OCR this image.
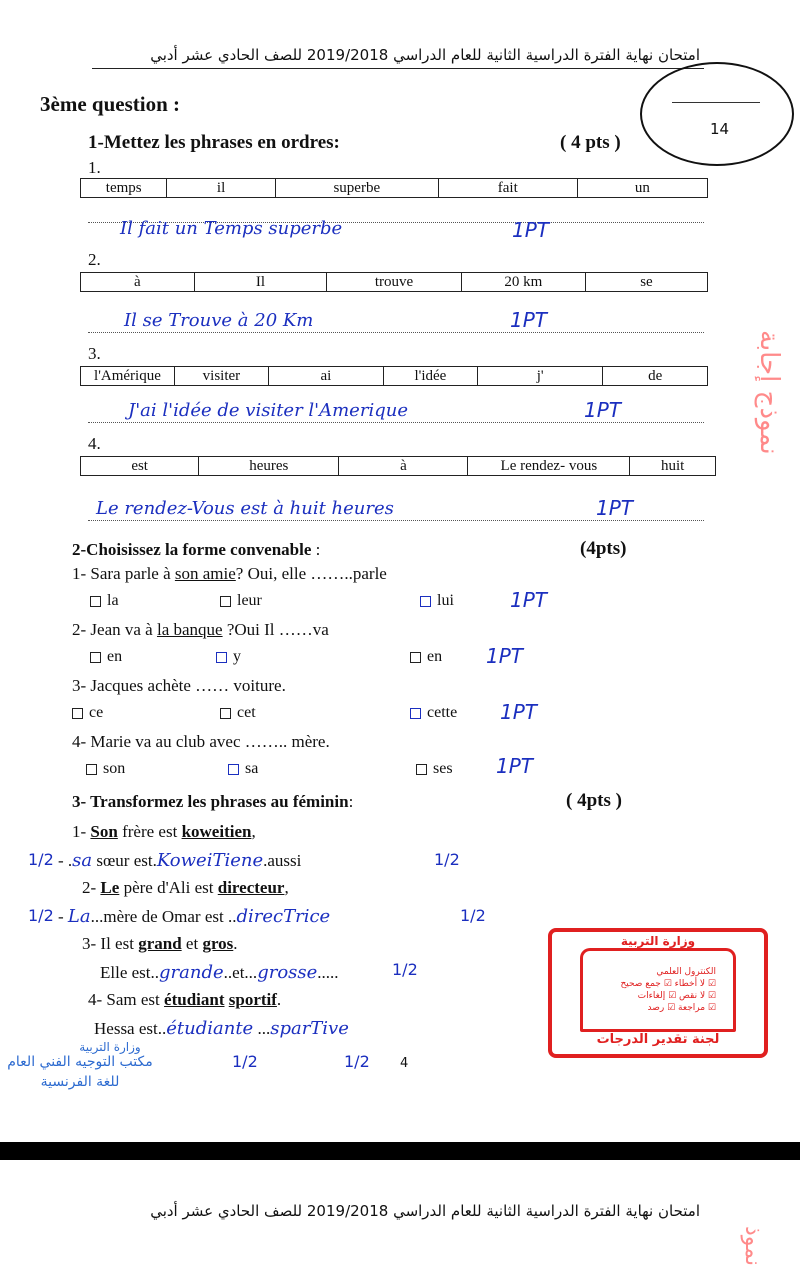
امتحان نهاية الفترة الدراسية الثانية للعام الدراسي 2019/2018 للصف الحادي عشر أدبي
3ème question :
14
1-Mettez les phrases en ordres:	( 4 pts )
1.
temps	il	superbe	fait	un
Il fait un Temps superbe	1PT
2.
à	Il	trouve	20 km	se
Il se Trouve à 20 Km	1PT
3.
l'Amérique	visiter	ai	l'idée	j'	de
J'ai l'idée de visiter l'Amerique	1PT
4.
est	heures	à	Le rendez- vous	huit
Le rendez-Vous est à huit heures	1PT
2-Choisissez la forme convenable :	(4pts)
1- Sara parle à son amie? Oui, elle ……..parle
la	leur	lui	1PT
2- Jean va à la banque ?Oui Il ……va
en	y	en 1PT
3- Jacques achète …… voiture.
ce	cet	cette 1PT
4- Marie va au club avec …….. mère.
son	sa	ses 1PT
3- Transformez les phrases au féminin:	( 4pts )
1- Son frère est koweitien,
1/2 - .sa sœur est.KoweiTiene.aussi	1/2
2- Le père d'Ali est directeur,
1/2 - La...mère de Omar est ..direcTrice	1/2
3- Il est grand et gros.
Elle est..grande..et...grosse.....	1/2
4- Sam est étudiant sportif.
Hessa est..étudiante ...sparTive
1/2	1/2 4
نموذج إجابة
وزارة التربية
الكنترول العلمي
☑ لا أخطاء ☑ جمع صحيح
☑ لا نقص ☑ إلغاءات
☑ مراجعة ☑ رصد
لجنة تقدير الدرجات
وزارة التربية
مكتب التوجيه الفني العام
للغة الفرنسية
امتحان نهاية الفترة الدراسية الثانية للعام الدراسي 2019/2018 للصف الحادي عشر أدبي
نموذ
